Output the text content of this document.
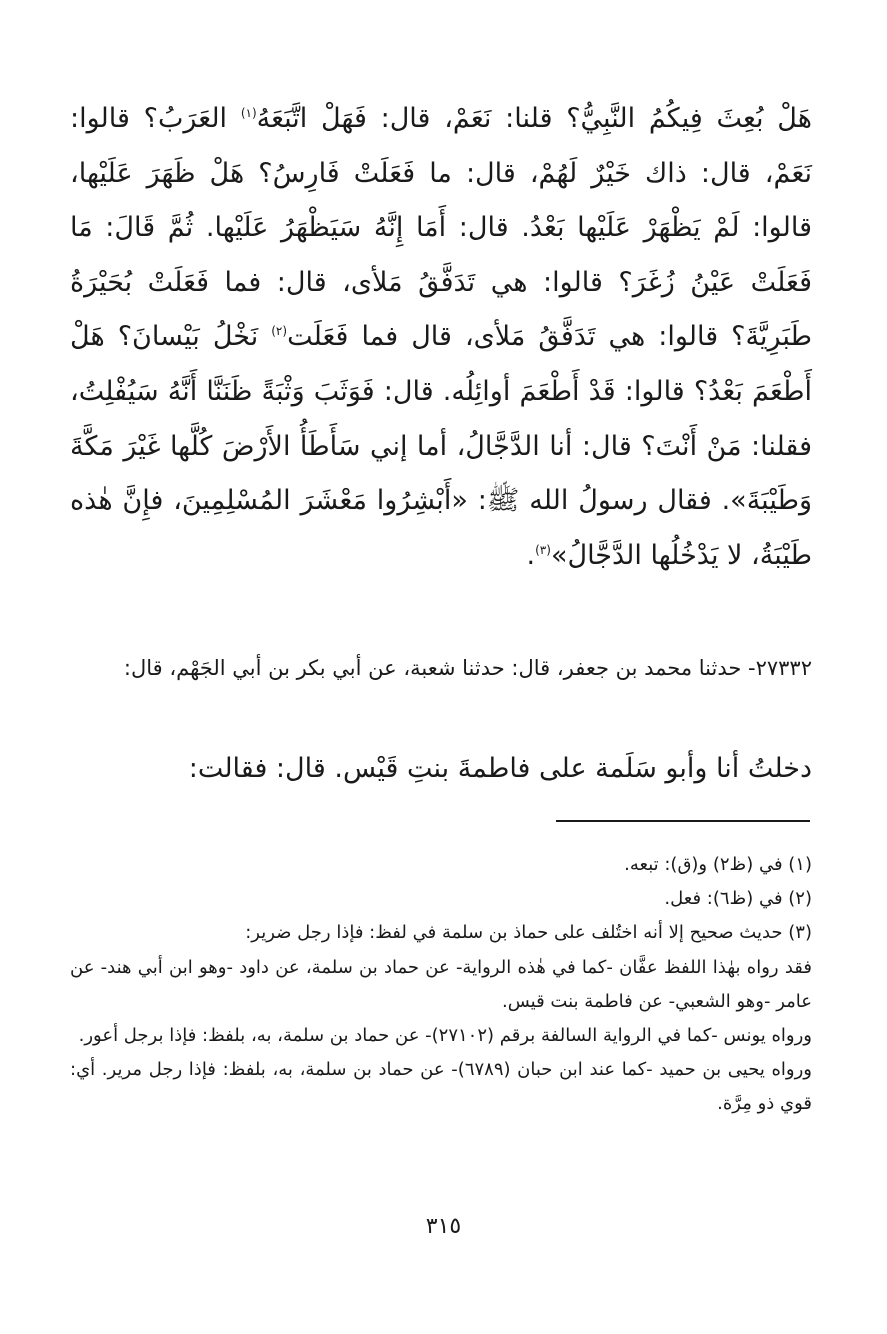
هَلْ بُعِثَ فِيكُمُ النَّبِيُّ؟ قلنا: نَعَمْ، قال: فَهَلْ اتَّبَعَهُ$^{(١)}$ العَرَبُ؟ قالوا: نَعَمْ، قال: ذاك خَيْرٌ لَهُمْ، قال: ما فَعَلَتْ فَارِسُ؟ هَلْ ظَهَرَ عَلَيْها، قالوا: لَمْ يَظْهَرْ عَلَيْها بَعْدُ. قال: أَمَا إِنَّهُ سَيَظْهَرُ عَلَيْها. ثُمَّ قَالَ: مَا فَعَلَتْ عَيْنُ زُغَرَ؟ قالوا: هي تَدَفَّقُ مَلأى، قال: فما فَعَلَتْ بُحَيْرَةُ طَبَرِيَّةَ؟ قالوا: هي تَدَفَّقُ مَلأى، قال فما فَعَلَت$^{(٢)}$ نَخْلُ بَيْسانَ؟ هَلْ أَطْعَمَ بَعْدُ؟ قالوا: قَدْ أَطْعَمَ أوائِلُه. قال: فَوَثَبَ وَثْبَةً ظَنَنَّا أَنَّهُ سَيُفْلِتُ، فقلنا: مَنْ أَنْتَ؟ قال: أنا الدَّجَّالُ، أما إني سَأَطَأُ الأَرْضَ كُلَّها غَيْرَ مَكَّةَ وَطَيْبَةَ». فقال رسولُ الله ﷺ: «أَبْشِرُوا مَعْشَرَ المُسْلِمِينَ، فإِنَّ هٰذه طَيْبَةُ، لا يَدْخُلُها الدَّجَّالُ»$^{(٣)}$.

٢٧٣٣٢- حدثنا محمد بن جعفر، قال: حدثنا شعبة، عن أبي بكر بن أبي الجَهْم، قال:

دخلتُ أنا وأبو سَلَمة على فاطمةَ بنتِ قَيْس. قال: فقالت:

(١) في (ظ٢) و(ق): تبعه.

(٢) في (ظ٦): فعل.

(٣) حديث صحيح إلا أنه اختُلف على حماذ بن سلمة في لفظ: فإذا رجل ضرير:

فقد رواه بهٰذا اللفظ عفَّان -كما في هٰذه الرواية- عن حماد بن سلمة، عن داود -وهو ابن أبي هند- عن عامر -وهو الشعبي- عن فاطمة بنت قيس.

ورواه يونس -كما في الرواية السالفة برقم (٢٧١٠٢)- عن حماد بن سلمة، به، بلفظ: فإذا برجل أعور.

ورواه يحيى بن حميد -كما عند ابن حبان (٦٧٨٩)- عن حماد بن سلمة، به، بلفظ: فإذا رجل مرير. أي: قوي ذو مِرَّة.

٣١٥
